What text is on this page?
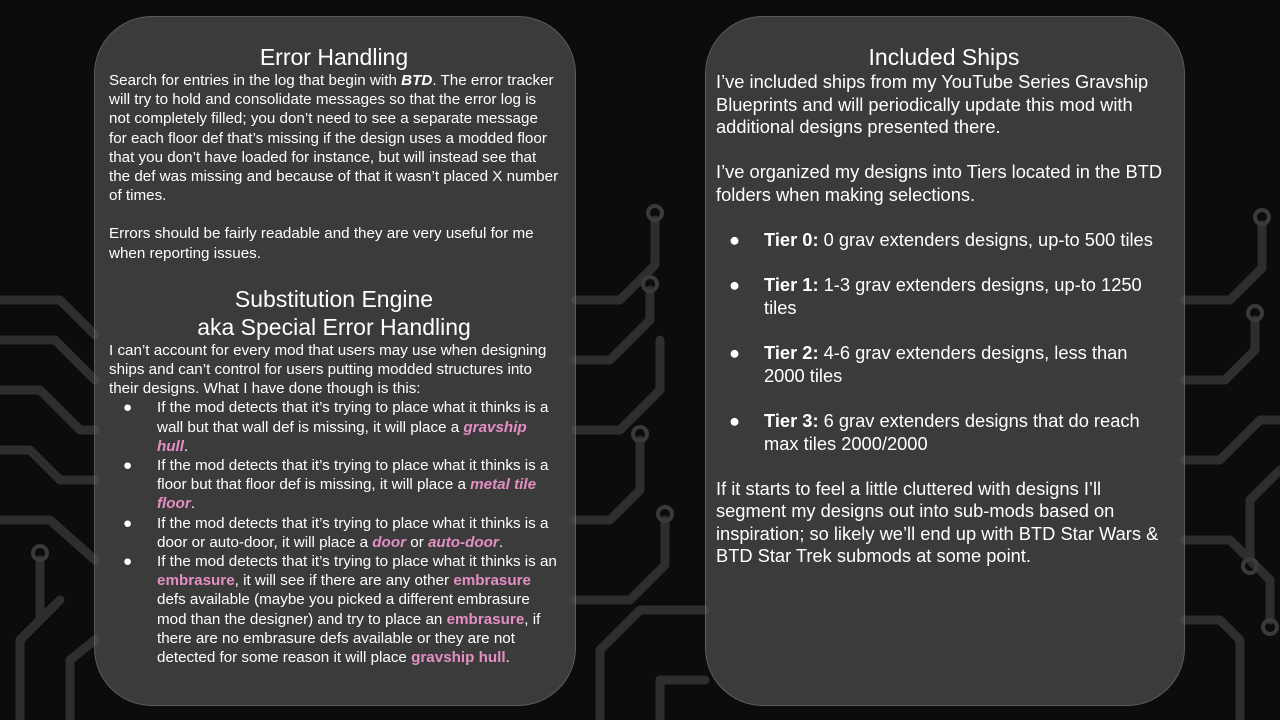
Error Handling

Search for entries in the log that begin with BTD. The error tracker will try to hold and consolidate messages so that the error log is not completely filled; you don’t need to see a separate message for each floor def that’s missing if the design uses a modded floor that you don’t have loaded for instance, but will instead see that the def was missing and because of that it wasn’t placed X number of times.

Errors should be fairly readable and they are very useful for me when reporting issues.

Substitution Engine
aka Special Error Handling

I can’t account for every mod that users may use when designing ships and can’t control for users putting modded structures into their designs. What I have done though is this:

● If the mod detects that it’s trying to place what it thinks is a wall but that wall def is missing, it will place a gravship hull.
● If the mod detects that it’s trying to place what it thinks is a floor but that floor def is missing, it will place a metal tile floor.
● If the mod detects that it’s trying to place what it thinks is a door or auto-door, it will place a door or auto-door.
● If the mod detects that it’s trying to place what it thinks is an embrasure, it will see if there are any other embrasure defs available (maybe you picked a different embrasure mod than the designer) and try to place an embrasure, if there are no embrasure defs available or they are not detected for some reason it will place gravship hull.
Included Ships

I’ve included ships from my YouTube Series Gravship Blueprints and will periodically update this mod with additional designs presented there.

I’ve organized my designs into Tiers located in the BTD folders when making selections.

● Tier 0: 0 grav extenders designs, up-to 500 tiles
● Tier 1: 1-3 grav extenders designs, up-to 1250 tiles
● Tier 2: 4-6 grav extenders designs, less than 2000 tiles
● Tier 3: 6 grav extenders designs that do reach max tiles 2000/2000

If it starts to feel a little cluttered with designs I’ll segment my designs out into sub-mods based on inspiration; so likely we’ll end up with BTD Star Wars & BTD Star Trek submods at some point.
